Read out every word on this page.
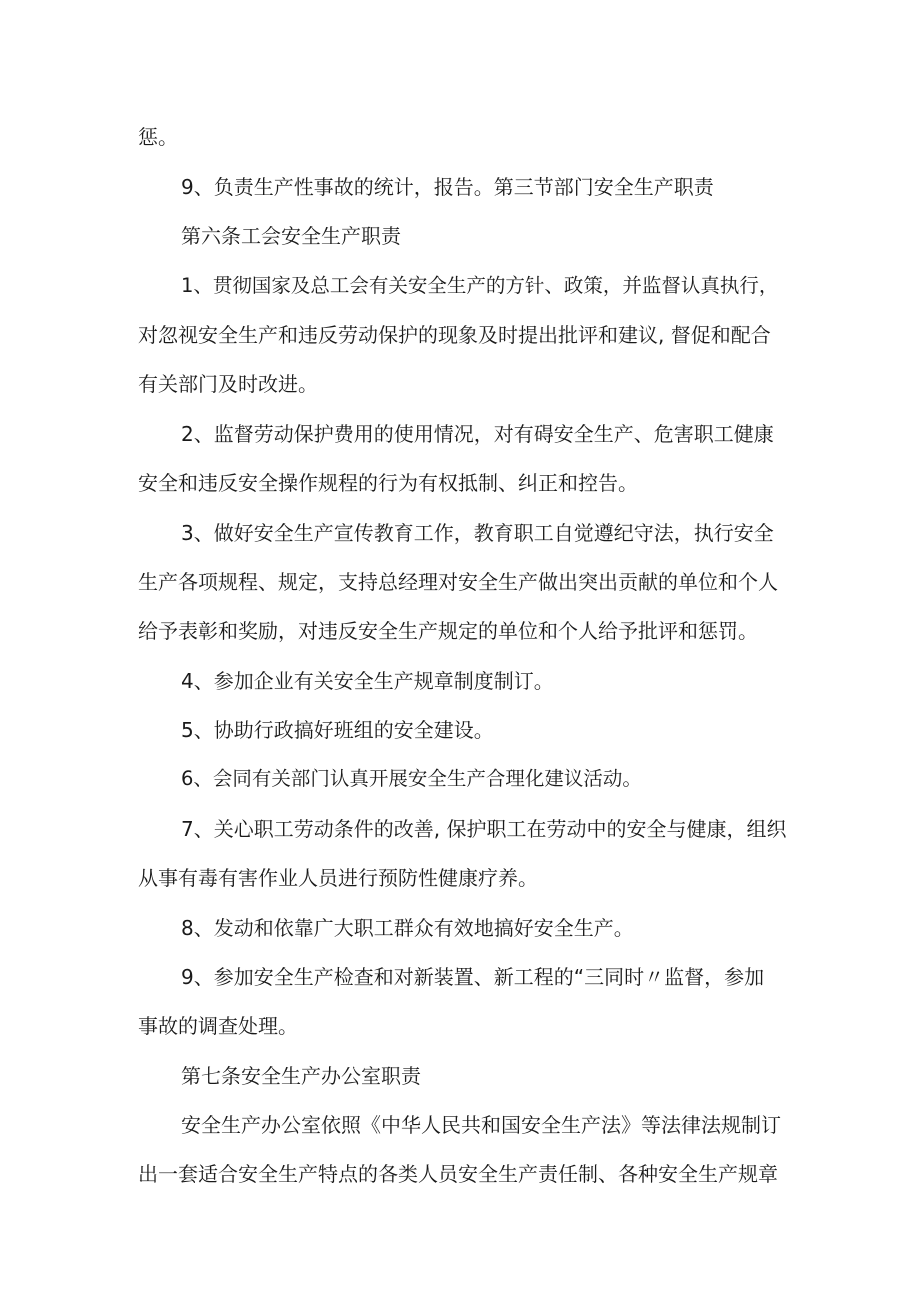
惩。
9、负责生产性事故的统计，报告。第三节部门安全生产职责
第六条工会安全生产职责
1、贯彻国家及总工会有关安全生产的方针、政策，并监督认真执行，
对忽视安全生产和违反劳动保护的现象及时提出批评和建议, 督促和配合
有关部门及时改进。
2、监督劳动保护费用的使用情况，对有碍安全生产、危害职工健康
安全和违反安全操作规程的行为有权抵制、纠正和控告。
3、做好安全生产宣传教育工作，教育职工自觉遵纪守法，执行安全
生产各项规程、规定，支持总经理对安全生产做出突出贡献的单位和个人
给予表彰和奖励，对违反安全生产规定的单位和个人给予批评和惩罚。
4、参加企业有关安全生产规章制度制订。
5、协助行政搞好班组的安全建设。
6、会同有关部门认真开展安全生产合理化建议活动。
7、关心职工劳动条件的改善, 保护职工在劳动中的安全与健康，组织
从事有毒有害作业人员进行预防性健康疗养。
8、发动和依靠广大职工群众有效地搞好安全生产。
9、参加安全生产检查和对新装置、新工程的“三同时〃监督，参加
事故的调查处理。
第七条安全生产办公室职责
安全生产办公室依照《中华人民共和国安全生产法》等法律法规制订
出一套适合安全生产特点的各类人员安全生产责任制、各种安全生产规章
